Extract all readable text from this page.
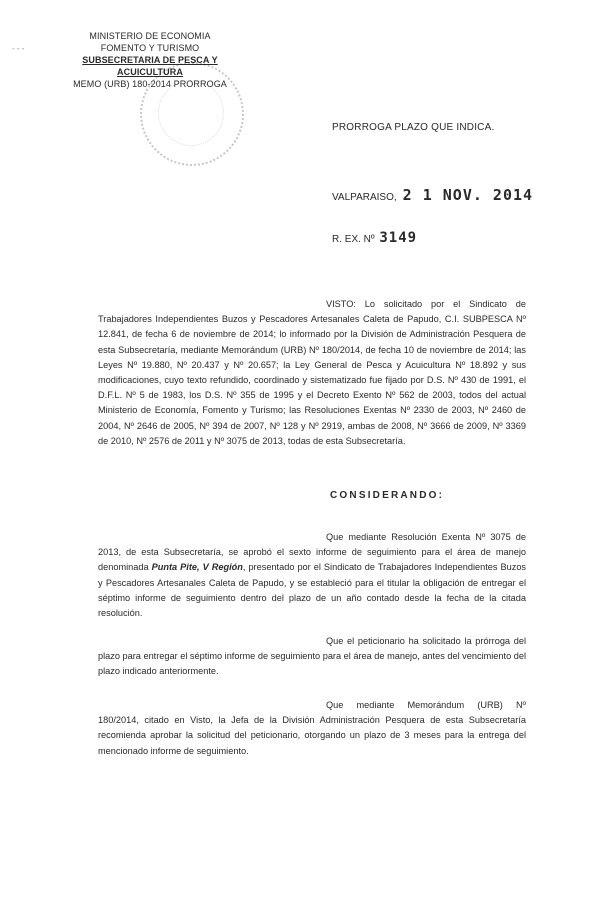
- - -
MINISTERIO DE ECONOMIA
FOMENTO Y TURISMO
SUBSECRETARIA DE PESCA Y ACUICULTURA
MEMO (URB) 180-2014 PRORROGA
PRORROGA PLAZO QUE INDICA.
VALPARAISO, 2 1 NOV. 2014
R. EX. Nº 3149
VISTO: Lo solicitado por el Sindicato de Trabajadores Independientes Buzos y Pescadores Artesanales Caleta de Papudo, C.I. SUBPESCA Nº 12.841, de fecha 6 de noviembre de 2014; lo informado por la División de Administración Pesquera de esta Subsecretaría, mediante Memorándum (URB) Nº 180/2014, de fecha 10 de noviembre de 2014; las Leyes Nº 19.880, Nº 20.437 y Nº 20.657; la Ley General de Pesca y Acuicultura Nº 18.892 y sus modificaciones, cuyo texto refundido, coordinado y sistematizado fue fijado por D.S. Nº 430 de 1991, el D.F.L. Nº 5 de 1983, los D.S. Nº 355 de 1995 y el Decreto Exento Nº 562 de 2003, todos del actual Ministerio de Economía, Fomento y Turismo; las Resoluciones Exentas Nº 2330 de 2003, Nº 2460 de 2004, Nº 2646 de 2005, Nº 394 de 2007, Nº 128 y Nº 2919, ambas de 2008, Nº 3666 de 2009, Nº 3369 de 2010, Nº 2576 de 2011 y Nº 3075 de 2013, todas de esta Subsecretaría.
CONSIDERANDO:
Que mediante Resolución Exenta Nº 3075 de 2013, de esta Subsecretaría, se aprobó el sexto informe de seguimiento para el área de manejo denominada Punta Pite, V Región, presentado por el Sindicato de Trabajadores Independientes Buzos y Pescadores Artesanales Caleta de Papudo, y se estableció para el titular la obligación de entregar el séptimo informe de seguimiento dentro del plazo de un año contado desde la fecha de la citada resolución.
Que el peticionario ha solicitado la prórroga del plazo para entregar el séptimo informe de seguimiento para el área de manejo, antes del vencimiento del plazo indicado anteriormente.
Que mediante Memorándum (URB) Nº 180/2014, citado en Visto, la Jefa de la División Administración Pesquera de esta Subsecretaría recomienda aprobar la solicitud del peticionario, otorgando un plazo de 3 meses para la entrega del mencionado informe de seguimiento.
